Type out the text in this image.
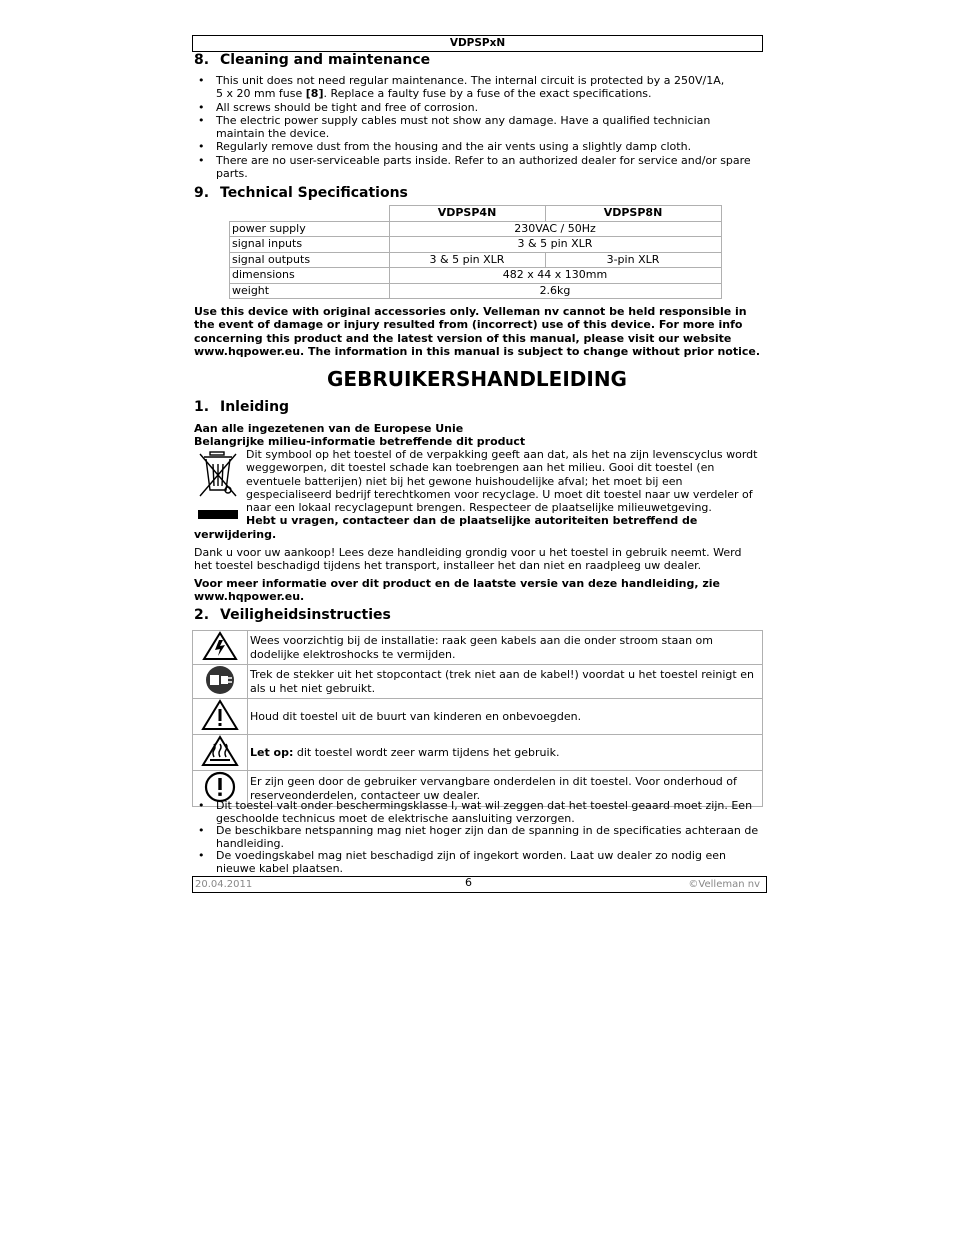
VDPSPxN
8. Cleaning and maintenance
• This unit does not need regular maintenance. The internal circuit is protected by a 250V/1A,
5 x 20 mm fuse [8]. Replace a faulty fuse by a fuse of the exact specifications.
• All screws should be tight and free of corrosion.
• The electric power supply cables must not show any damage. Have a qualified technician maintain the device.
• Regularly remove dust from the housing and the air vents using a slightly damp cloth.
• There are no user-serviceable parts inside. Refer to an authorized dealer for service and/or spare parts.
9. Technical Specifications
	VDPSP4N	VDPSP8N
power supply	230VAC / 50Hz	
signal inputs	3 & 5 pin XLR	
signal outputs	3 & 5 pin XLR	3-pin XLR
dimensions	482 x 44 x 130mm	
weight	2.6kg	

Use this device with original accessories only. Velleman nv cannot be held responsible in the event of damage or injury resulted from (incorrect) use of this device. For more info concerning this product and the latest version of this manual, please visit our website www.hqpower.eu. The information in this manual is subject to change without prior notice.

GEBRUIKERSHANDLEIDING
1. Inleiding

Aan alle ingezetenen van de Europese Unie

Belangrijke milieu-informatie betreffende dit product

Dit symbool op het toestel of de verpakking geeft aan dat, als het na zijn levenscyclus wordt
weggeworpen, dit toestel schade kan toebrengen aan het milieu. Gooi dit toestel (en
eventuele batterijen) niet bij het gewone huishoudelijke afval; het moet bij een
gespecialiseerd bedrijf terechtkomen voor recyclage. U moet dit toestel naar uw verdeler of
naar een lokaal recyclagepunt brengen. Respecteer de plaatselijke milieuwetgeving.
Hebt u vragen, contacteer dan de plaatselijke autoriteiten betreffend de

verwijdering.

Dank u voor uw aankoop! Lees deze handleiding grondig voor u het toestel in gebruik neemt. Werd het toestel beschadigd tijdens het transport, installeer het dan niet en raadpleeg uw dealer.

Voor meer informatie over dit product en de laatste versie van deze handleiding, zie www.hqpower.eu.

2. Veiligheidsinstructies
	Wees voorzichtig bij de installatie: raak geen kabels aan die onder stroom staan om dodelijke elektroshocks te vermijden.
	Trek de stekker uit het stopcontact (trek niet aan de kabel!) voordat u het toestel reinigt en als u het niet gebruikt.
	Houd dit toestel uit de buurt van kinderen en onbevoegden.
	Let op: dit toestel wordt zeer warm tijdens het gebruik.
	Er zijn geen door de gebruiker vervangbare onderdelen in dit toestel. Voor onderhoud of reserveonderdelen, contacteer uw dealer.
• Dit toestel valt onder beschermingsklasse I, wat wil zeggen dat het toestel geaard moet zijn. Een geschoolde technicus moet de elektrische aansluiting verzorgen.
• De beschikbare netspanning mag niet hoger zijn dan de spanning in de specificaties achteraan de handleiding.
• De voedingskabel mag niet beschadigd zijn of ingekort worden. Laat uw dealer zo nodig een nieuwe kabel plaatsen.
20.04.2011	6	©Velleman nv
